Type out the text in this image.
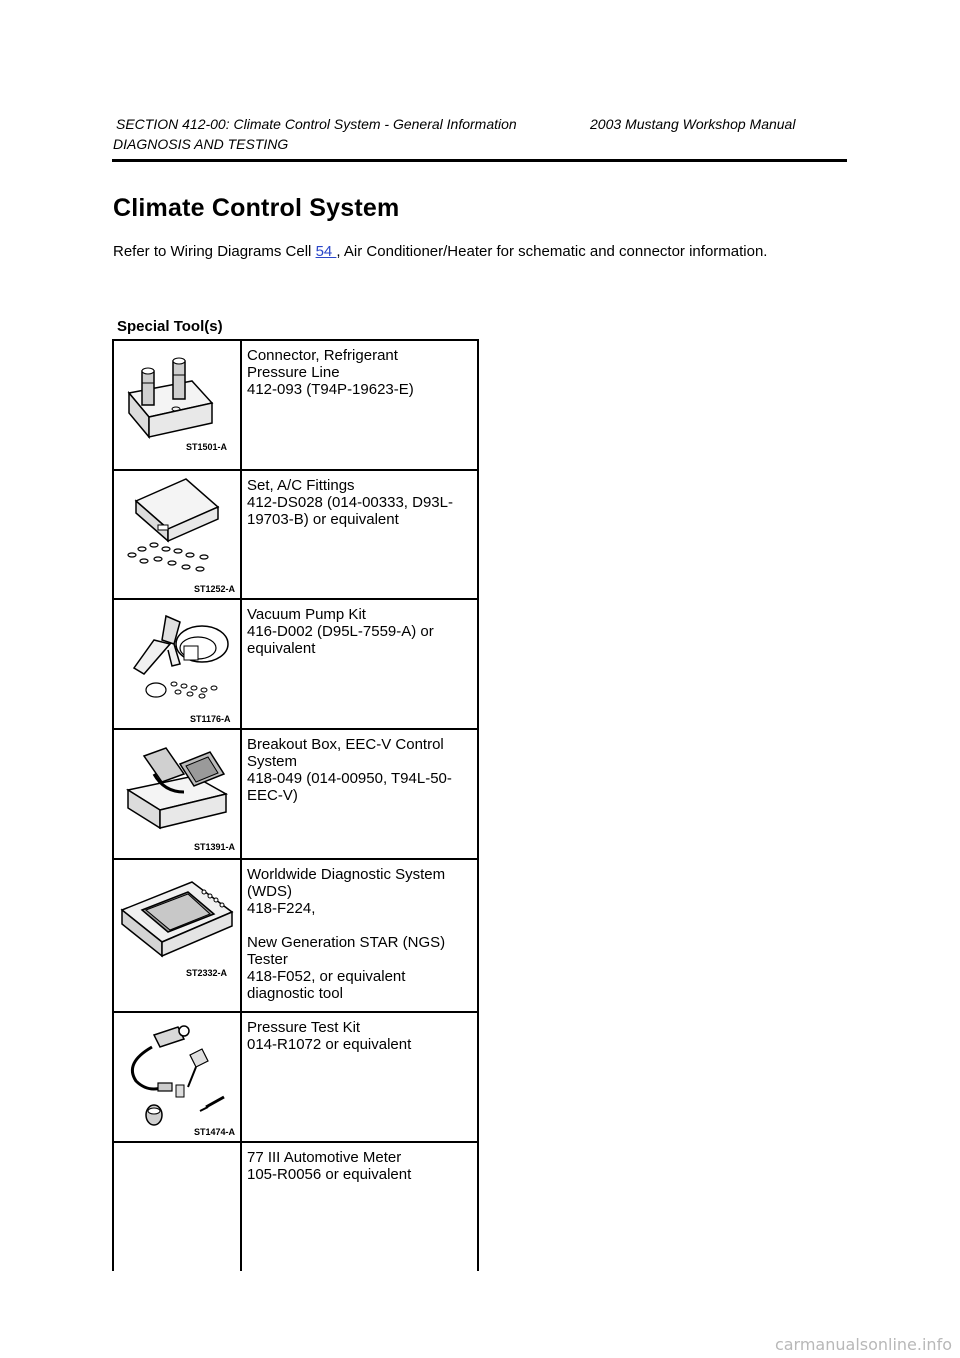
SECTION 412-00: Climate Control System - General Information	2003 Mustang Workshop Manual
DIAGNOSIS AND TESTING
Climate Control System
Refer to Wiring Diagrams Cell 54 , Air Conditioner/Heater for schematic and connector information.
Special Tool(s)
ST1501-A
Connector, Refrigerant
Pressure Line
412-093 (T94P-19623-E)
ST1252-A
Set, A/C Fittings
412-DS028 (014-00333, D93L-
19703-B) or equivalent
ST1176-A
Vacuum Pump Kit
416-D002 (D95L-7559-A) or
equivalent
ST1391-A
Breakout Box, EEC-V Control
System
418-049 (014-00950, T94L-50-
EEC-V)
ST2332-A
Worldwide Diagnostic System
(WDS)
418-F224,
New Generation STAR (NGS)
Tester
418-F052, or equivalent
diagnostic tool
ST1474-A
Pressure Test Kit
014-R1072 or equivalent
77 III Automotive Meter
105-R0056 or equivalent
carmanualsonline.info
